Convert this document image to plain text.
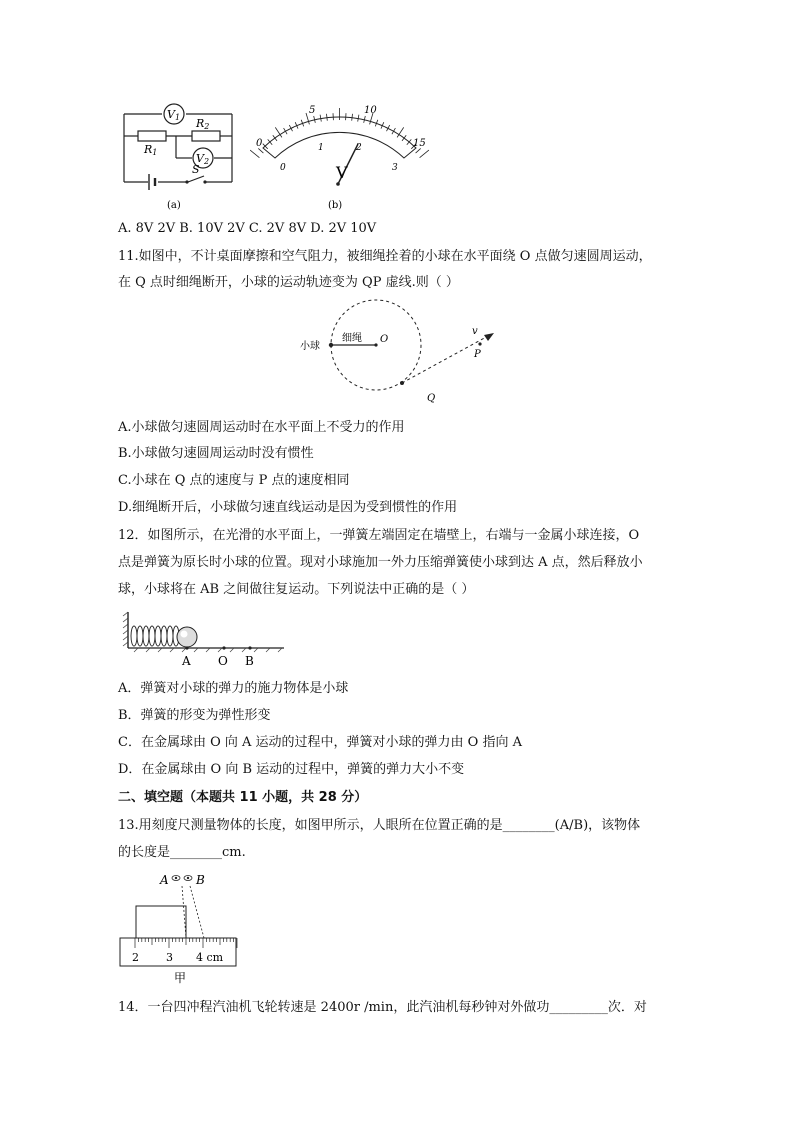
V1
V2
R1
R2
S
(a)
0
5	10
15
0
1	2
3
V
(b)
A. 8V 2V B. 10V 2V C. 2V 8V D. 2V 10V
11.如图中，不计桌面摩擦和空气阻力，被细绳拴着的小球在水平面绕 O 点做匀速圆周运动，
在 Q 点时细绳断开，小球的运动轨迹变为 QP 虚线.则（ ）
小球
细绳 O
v
P
Q
A.小球做匀速圆周运动时在水平面上不受力的作用
B.小球做匀速圆周运动时没有惯性
C.小球在 Q 点的速度与 P 点的速度相同
D.细绳断开后，小球做匀速直线运动是因为受到惯性的作用
12．如图所示，在光滑的水平面上，一弹簧左端固定在墙壁上，右端与一金属小球连接，O
点是弹簧为原长时小球的位置。现对小球施加一外力压缩弹簧使小球到达 A 点，然后释放小
球，小球将在 AB 之间做往复运动。下列说法中正确的是（ ）
A O B
A．弹簧对小球的弹力的施力物体是小球
B．弹簧的形变为弹性形变
C．在金属球由 O 向 A 运动的过程中，弹簧对小球的弹力由 O 指向 A
D．在金属球由 O 向 B 运动的过程中，弹簧的弹力大小不变
二、填空题（本题共 11 小题，共 28 分）
13.用刻度尺测量物体的长度，如图甲所示，人眼所在位置正确的是________(A/B)，该物体
的长度是________cm.
A B
2 3 4 cm
甲
14．一台四冲程汽油机飞轮转速是 2400r /min，此汽油机每秒钟对外做功_________次．对
